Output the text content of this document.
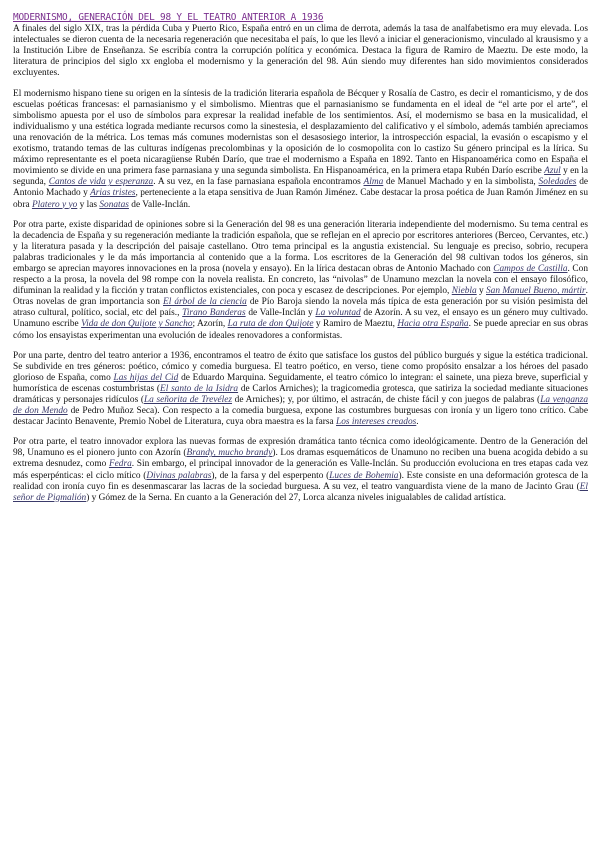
MODERNISMO, GENERACIÓN DEL 98 Y EL TEATRO ANTERIOR A 1936

A finales del siglo XIX, tras la pérdida Cuba y Puerto Rico, España entró en un clima de derrota, además la tasa de analfabetismo era muy elevada. Los intelectuales se dieron cuenta de la necesaria regeneración que necesitaba el país, lo que les llevó a iniciar el generacionismo, vinculado al krausismo y a la Institución Libre de Enseñanza. Se escribía contra la corrupción política y económica. Destaca la figura de Ramiro de Maeztu. De este modo, la literatura de principios del siglo xx engloba el modernismo y la generación del 98. Aún siendo muy diferentes han sido movimientos considerados excluyentes.

El modernismo hispano tiene su origen en la síntesis de la tradición literaria española de Bécquer y Rosalía de Castro, es decir el romanticismo, y de dos escuelas poéticas francesas: el parnasianismo y el simbolismo. Mientras que el parnasianismo se fundamenta en el ideal de “el arte por el arte”, el simbolismo apuesta por el uso de símbolos para expresar la realidad inefable de los sentimientos. Así, el modernismo se basa en la musicalidad, el individualismo y una estética lograda mediante recursos como la sinestesia, el desplazamiento del calificativo y el símbolo, además también apreciamos una renovación de la métrica. Los temas más comunes modernistas son el desasosiego interior, la introspección espacial, la evasión o escapismo y el exotismo, tratando temas de las culturas indígenas precolombinas y la oposición de lo cosmopolita con lo castizo Su género principal es la lírica. Su máximo representante es el poeta nicaragüense Rubén Darío, que trae el modernismo a España en 1892. Tanto en Hispanoamérica como en España el movimiento se divide en una primera fase parnasiana y una segunda simbolista. En Hispanoamérica, en la primera etapa Rubén Darío escribe Azul y en la segunda, Cantos de vida y esperanza. A su vez, en la fase parnasiana española encontramos Alma de Manuel Machado y en la simbolista, Soledades de Antonio Machado y Arias tristes, perteneciente a la etapa sensitiva de Juan Ramón Jiménez. Cabe destacar la prosa poética de Juan Ramón Jiménez en su obra Platero y yo y las Sonatas de Valle-Inclán.

Por otra parte, existe disparidad de opiniones sobre si la Generación del 98 es una generación literaria independiente del modernismo. Su tema central es la decadencia de España y su regeneración mediante la tradición española, que se reflejan en el aprecio por escritores anteriores (Berceo, Cervantes, etc.) y la literatura pasada y la descripción del paisaje castellano. Otro tema principal es la angustia existencial. Su lenguaje es preciso, sobrio, recupera palabras tradicionales y le da más importancia al contenido que a la forma. Los escritores de la Generación del 98 cultivan todos los géneros, sin embargo se aprecian mayores innovaciones en la prosa (novela y ensayo). En la lírica destacan obras de Antonio Machado con Campos de Castilla. Con respecto a la prosa, la novela del 98 rompe con la novela realista. En concreto, las “nivolas” de Unamuno mezclan la novela con el ensayo filosófico, difuminan la realidad y la ficción y tratan conflictos existenciales, con poca y escasez de descripciones. Por ejemplo, Niebla y San Manuel Bueno, mártir. Otras novelas de gran importancia son El árbol de la ciencia de Pío Baroja siendo la novela más típica de esta generación por su visión pesimista del atraso cultural, político, social, etc del país., Tirano Banderas de Valle-Inclán y La voluntad de Azorín. A su vez, el ensayo es un género muy cultivado. Unamuno escribe Vida de don Quijote y Sancho; Azorín, La ruta de don Quijote y Ramiro de Maeztu, Hacia otra España. Se puede apreciar en sus obras cómo los ensayistas experimentan una evolución de ideales renovadores a conformistas.

Por una parte, dentro del teatro anterior a 1936, encontramos el teatro de éxito que satisface los gustos del público burgués y sigue la estética tradicional. Se subdivide en tres géneros: poético, cómico y comedia burguesa. El teatro poético, en verso, tiene como propósito ensalzar a los héroes del pasado glorioso de España, como Las hijas del Cid de Eduardo Marquina. Seguidamente, el teatro cómico lo integran: el sainete, una pieza breve, superficial y humorística de escenas costumbristas (El santo de la Isidra de Carlos Arniches); la tragicomedia grotesca, que satiriza la sociedad mediante situaciones dramáticas y personajes ridículos (La señorita de Trevélez de Arniches); y, por último, el astracán, de chiste fácil y con juegos de palabras (La venganza de don Mendo de Pedro Muñoz Seca). Con respecto a la comedia burguesa, expone las costumbres burguesas con ironía y un ligero tono crítico. Cabe destacar Jacinto Benavente, Premio Nobel de Literatura, cuya obra maestra es la farsa Los intereses creados.

Por otra parte, el teatro innovador explora las nuevas formas de expresión dramática tanto técnica como ideológicamente. Dentro de la Generación del 98, Unamuno es el pionero junto con Azorín (Brandy, mucho brandy). Los dramas esquemáticos de Unamuno no reciben una buena acogida debido a su extrema desnudez, como Fedra. Sin embargo, el principal innovador de la generación es Valle-Inclán. Su producción evoluciona en tres etapas cada vez más esperpénticas: el ciclo mítico (Divinas palabras), de la farsa y del esperpento (Luces de Bohemia). Este consiste en una deformación grotesca de la realidad con ironía cuyo fin es desenmascarar las lacras de la sociedad burguesa. A su vez, el teatro vanguardista viene de la mano de Jacinto Grau (El señor de Pigmalión) y Gómez de la Serna. En cuanto a la Generación del 27, Lorca alcanza niveles inigualables de calidad artística.
